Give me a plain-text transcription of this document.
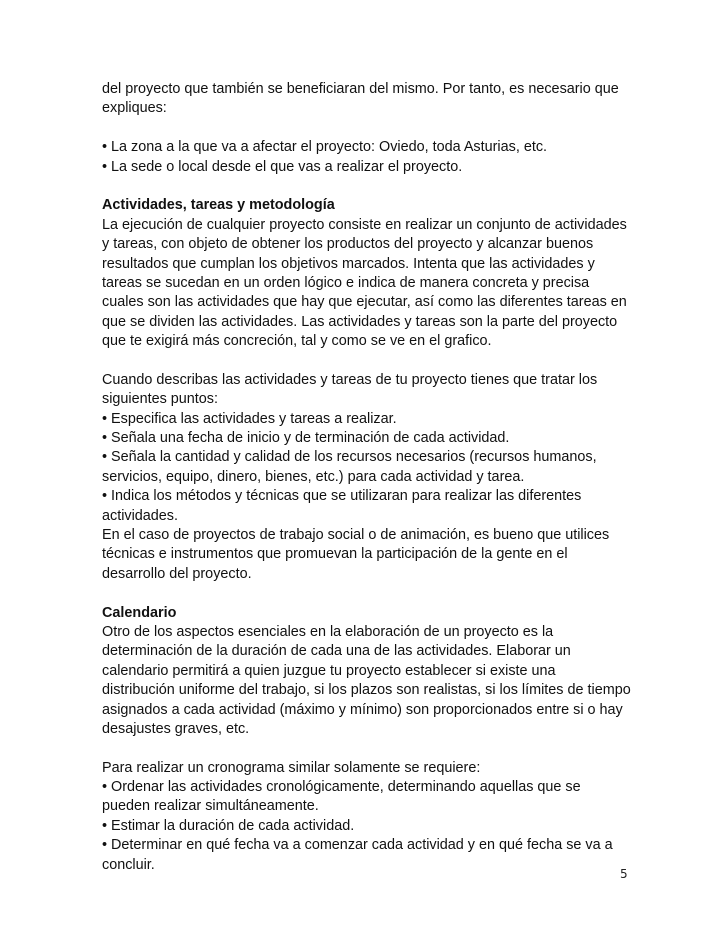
del proyecto que también se beneficiaran del mismo. Por tanto, es necesario que
expliques:
• La zona a la que va a afectar el proyecto: Oviedo, toda Asturias, etc.
• La sede o local desde el que vas a realizar el proyecto.
Actividades, tareas y metodología
La ejecución de cualquier proyecto consiste en realizar un conjunto de actividades
y tareas, con objeto de obtener los productos del proyecto y alcanzar buenos
resultados que cumplan los objetivos marcados. Intenta que las actividades y
tareas se sucedan en un orden lógico e indica de manera concreta y precisa
cuales son las actividades que hay que ejecutar, así como las diferentes tareas en
que se dividen las actividades. Las actividades y tareas son la parte del proyecto
que te exigirá más concreción, tal y como se ve en el grafico.
Cuando describas las actividades y tareas de tu proyecto tienes que tratar los
siguientes puntos:
• Especifica las actividades y tareas a realizar.
• Señala una fecha de inicio y de terminación de cada actividad.
• Señala la cantidad y calidad de los recursos necesarios (recursos humanos,
servicios, equipo, dinero, bienes, etc.) para cada actividad y tarea.
• Indica los métodos y técnicas que se utilizaran para realizar las diferentes
actividades.
En el caso de proyectos de trabajo social o de animación, es bueno que utilices
técnicas e instrumentos que promuevan la participación de la gente en el
desarrollo del proyecto.
Calendario
Otro de los aspectos esenciales en la elaboración de un proyecto es la
determinación de la duración de cada una de las actividades. Elaborar un
calendario permitirá a quien juzgue tu proyecto establecer si existe una
distribución uniforme del trabajo, si los plazos son realistas, si los límites de tiempo
asignados a cada actividad (máximo y mínimo) son proporcionados entre si o hay
desajustes graves, etc.
Para realizar un cronograma similar solamente se requiere:
• Ordenar las actividades cronológicamente, determinando aquellas que se
pueden realizar simultáneamente.
• Estimar la duración de cada actividad.
• Determinar en qué fecha va a comenzar cada actividad y en qué fecha se va a
concluir.
5
